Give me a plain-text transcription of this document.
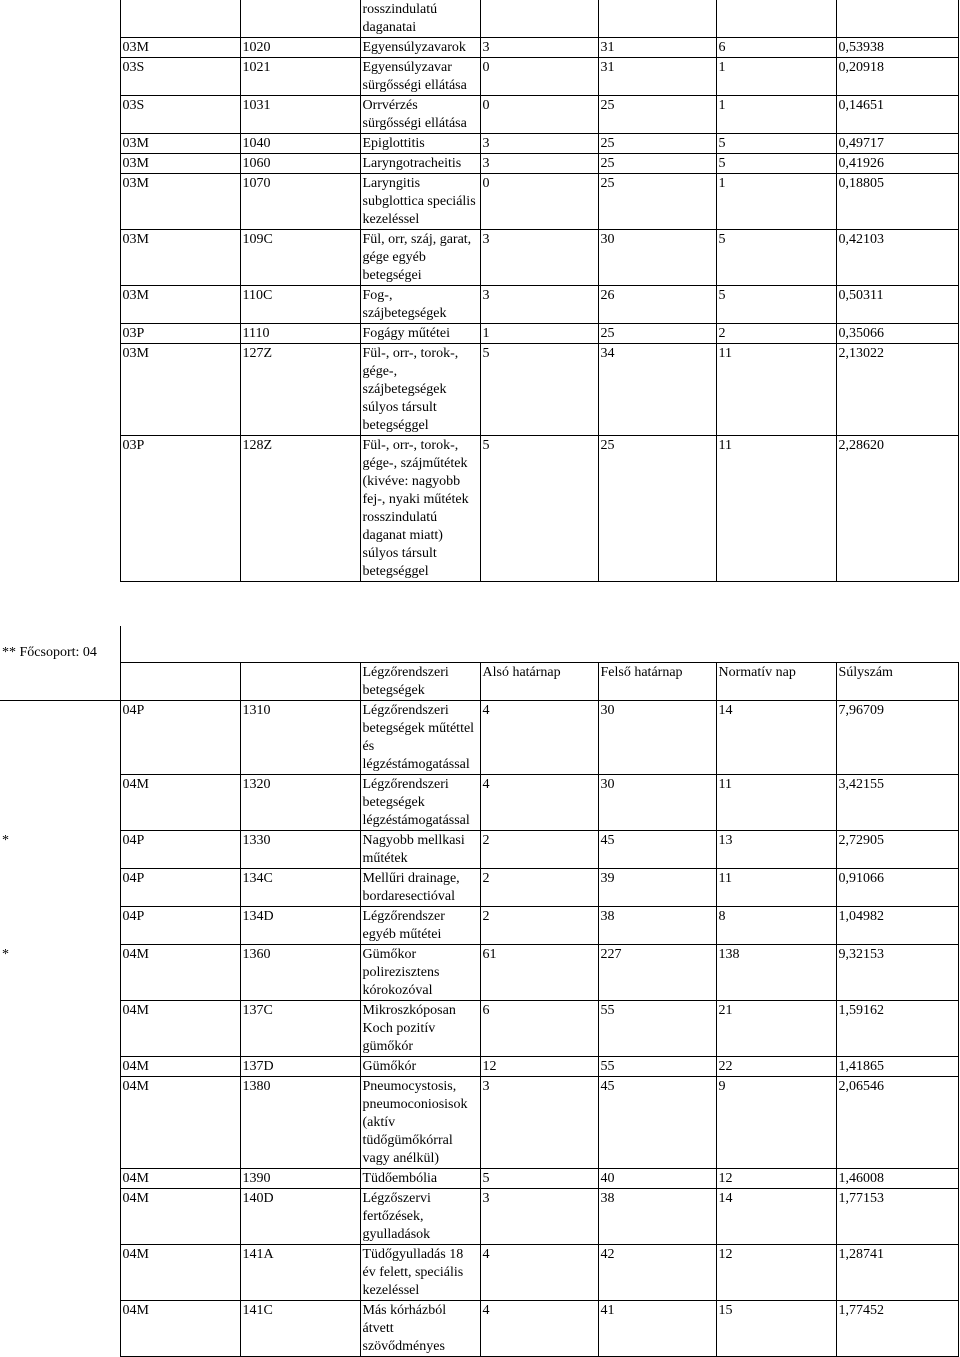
			rosszindulatú daganatai				
	03M	1020	Egyensúlyzavarok	3	31	6	0,53938
	03S	1021	Egyensúlyzavar sürgősségi ellátása	0	31	1	0,20918
	03S	1031	Orrvérzés sürgősségi ellátása	0	25	1	0,14651
	03M	1040	Epiglottitis	3	25	5	0,49717
	03M	1060	Laryngotracheitis	3	25	5	0,41926
	03M	1070	Laryngitis subglottica speciális kezeléssel	0	25	1	0,18805
	03M	109C	Fül, orr, száj, garat, gége egyéb betegségei	3	30	5	0,42103
	03M	110C	Fog-, szájbetegségek	3	26	5	0,50311
	03P	1110	Fogágy műtétei	1	25	2	0,35066
	03M	127Z	Fül-, orr-, torok-, gége-, szájbetegségek súlyos társult betegséggel	5	34	11	2,13022
	03P	128Z	Fül-, orr-, torok-, gége-, szájműtétek (kivéve: nagyobb fej-, nyaki műtétek rosszindulatú daganat miatt) súlyos társult betegséggel	5	25	11	2,28620
** Főcsoport: 04							
			Légzőrendszeri betegségek	Alsó határnap	Felső határnap	Normatív nap	Súlyszám
	04P	1310	Légzőrendszeri betegségek műtéttel és légzéstámogatással	4	30	14	7,96709
	04M	1320	Légzőrendszeri betegségek légzéstámogatással	4	30	11	3,42155
*	04P	1330	Nagyobb mellkasi műtétek	2	45	13	2,72905
	04P	134C	Mellűri drainage, bordaresectióval	2	39	11	0,91066
	04P	134D	Légzőrendszer egyéb műtétei	2	38	8	1,04982
*	04M	1360	Gümőkor polirezisztens kórokozóval	61	227	138	9,32153
	04M	137C	Mikroszkóposan Koch pozitív gümőkór	6	55	21	1,59162
	04M	137D	Gümőkór	12	55	22	1,41865
	04M	1380	Pneumocystosis, pneumoconiosisok (aktív tüdőgümőkórral vagy anélkül)	3	45	9	2,06546
	04M	1390	Tüdőembólia	5	40	12	1,46008
	04M	140D	Légzőszervi fertőzések, gyulladások	3	38	14	1,77153
	04M	141A	Tüdőgyulladás 18 év felett, speciális kezeléssel	4	42	12	1,28741
	04M	141C	Más kórházból átvett szövődményes	4	41	15	1,77452
